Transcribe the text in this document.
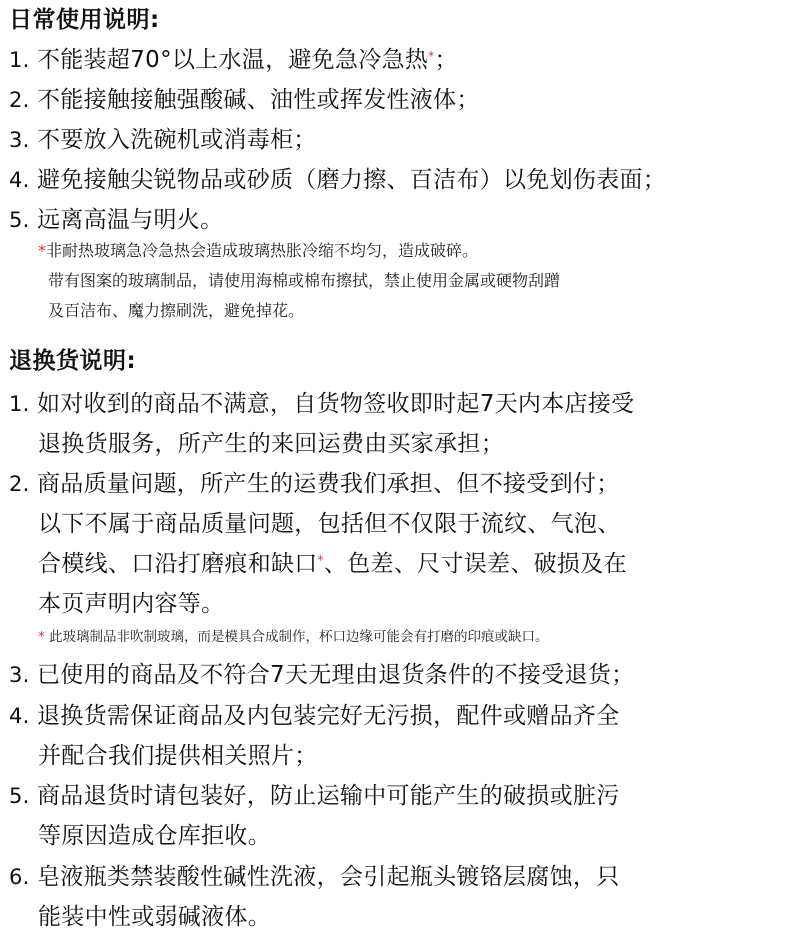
日常使用说明:
1. 不能装超70°以上水温，避免急冷急热*；
2. 不能接触接触强酸碱、油性或挥发性液体；
3. 不要放入洗碗机或消毒柜；
4. 避免接触尖锐物品或砂质（磨力擦、百洁布）以免划伤表面；
5. 远离高温与明火。
*非耐热玻璃急冷急热会造成玻璃热胀冷缩不均匀，造成破碎。
带有图案的玻璃制品，请使用海棉或棉布擦拭，禁止使用金属或硬物刮蹭
及百洁布、魔力擦刷洗，避免掉花。
退换货说明:
1. 如对收到的商品不满意，自货物签收即时起7天内本店接受
退换货服务，所产生的来回运费由买家承担；
2. 商品质量问题，所产生的运费我们承担、但不接受到付；
以下不属于商品质量问题，包括但不仅限于流纹、气泡、
合模线、口沿打磨痕和缺口*、色差、尺寸误差、破损及在
本页声明内容等。
* 此玻璃制品非吹制玻璃，而是模具合成制作，杯口边缘可能会有打磨的印痕或缺口。
3. 已使用的商品及不符合7天无理由退货条件的不接受退货；
4. 退换货需保证商品及内包装完好无污损，配件或赠品齐全
并配合我们提供相关照片；
5. 商品退货时请包装好，防止运输中可能产生的破损或脏污
等原因造成仓库拒收。
6. 皂液瓶类禁装酸性碱性洗液，会引起瓶头镀铬层腐蚀，只
能装中性或弱碱液体。
